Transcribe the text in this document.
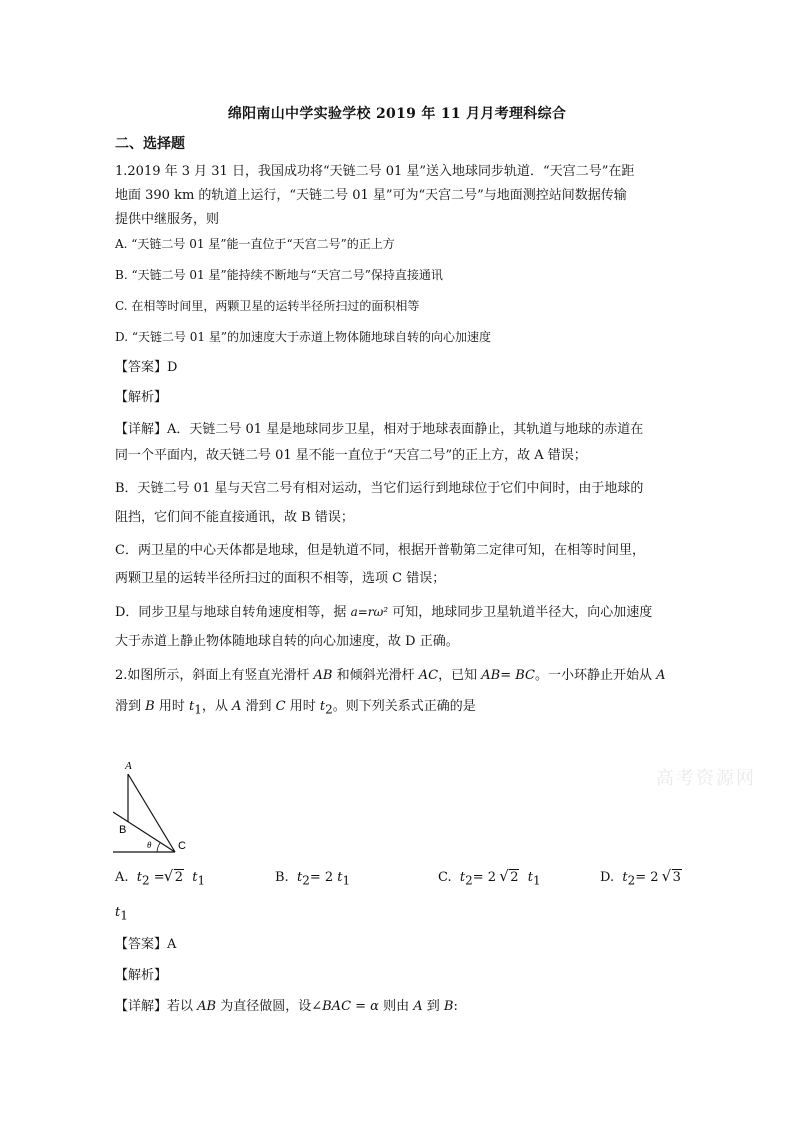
绵阳南山中学实验学校 2019 年 11 月月考理科综合
二、选择题
1.2019 年 3 月 31 日，我国成功将“天链二号 01 星”送入地球同步轨道．“天宫二号”在距
地面 390 km 的轨道上运行，“天链二号 01 星”可为“天宫二号”与地面测控站间数据传输
提供中继服务，则
A. “天链二号 01 星”能一直位于“天宫二号”的正上方
B. “天链二号 01 星”能持续不断地与“天宫二号”保持直接通讯
C. 在相等时间里，两颗卫星的运转半径所扫过的面积相等
D. “天链二号 01 星”的加速度大于赤道上物体随地球自转的向心加速度
【答案】D
【解析】
【详解】A．天链二号 01 星是地球同步卫星，相对于地球表面静止，其轨道与地球的赤道在
同一个平面内，故天链二号 01 星不能一直位于“天宫二号”的正上方，故 A 错误；
B．天链二号 01 星与天宫二号有相对运动，当它们运行到地球位于它们中间时，由于地球的
阻挡，它们间不能直接通讯，故 B 错误；
C．两卫星的中心天体都是地球，但是轨道不同，根据开普勒第二定律可知，在相等时间里，
两颗卫星的运转半径所扫过的面积不相等，选项 C 错误；
D．同步卫星与地球自转角速度相等，据 a=rω² 可知，地球同步卫星轨道半径大，向心加速度
大于赤道上静止物体随地球自转的向心加速度，故 D 正确。
2.如图所示，斜面上有竖直光滑杆 AB 和倾斜光滑杆 AC，已知 AB= BC。一小环静止开始从 A
滑到 B 用时 $t_1$，从 A 滑到 C 用时 $t_2$。则下列关系式正确的是
A
B
C
θ
高考资源网
A. $t_2$ = √ 2 $t_1$	B. $t_2= 2$ $t_1$	C. $t_2= 2$ √ 2 $t_1$	D. $t_2= 2$ √ 3
$t_1$
【答案】A
【解析】
【详解】若以 AB 为直径做圆，设∠BAC = α 则由 A 到 B:
